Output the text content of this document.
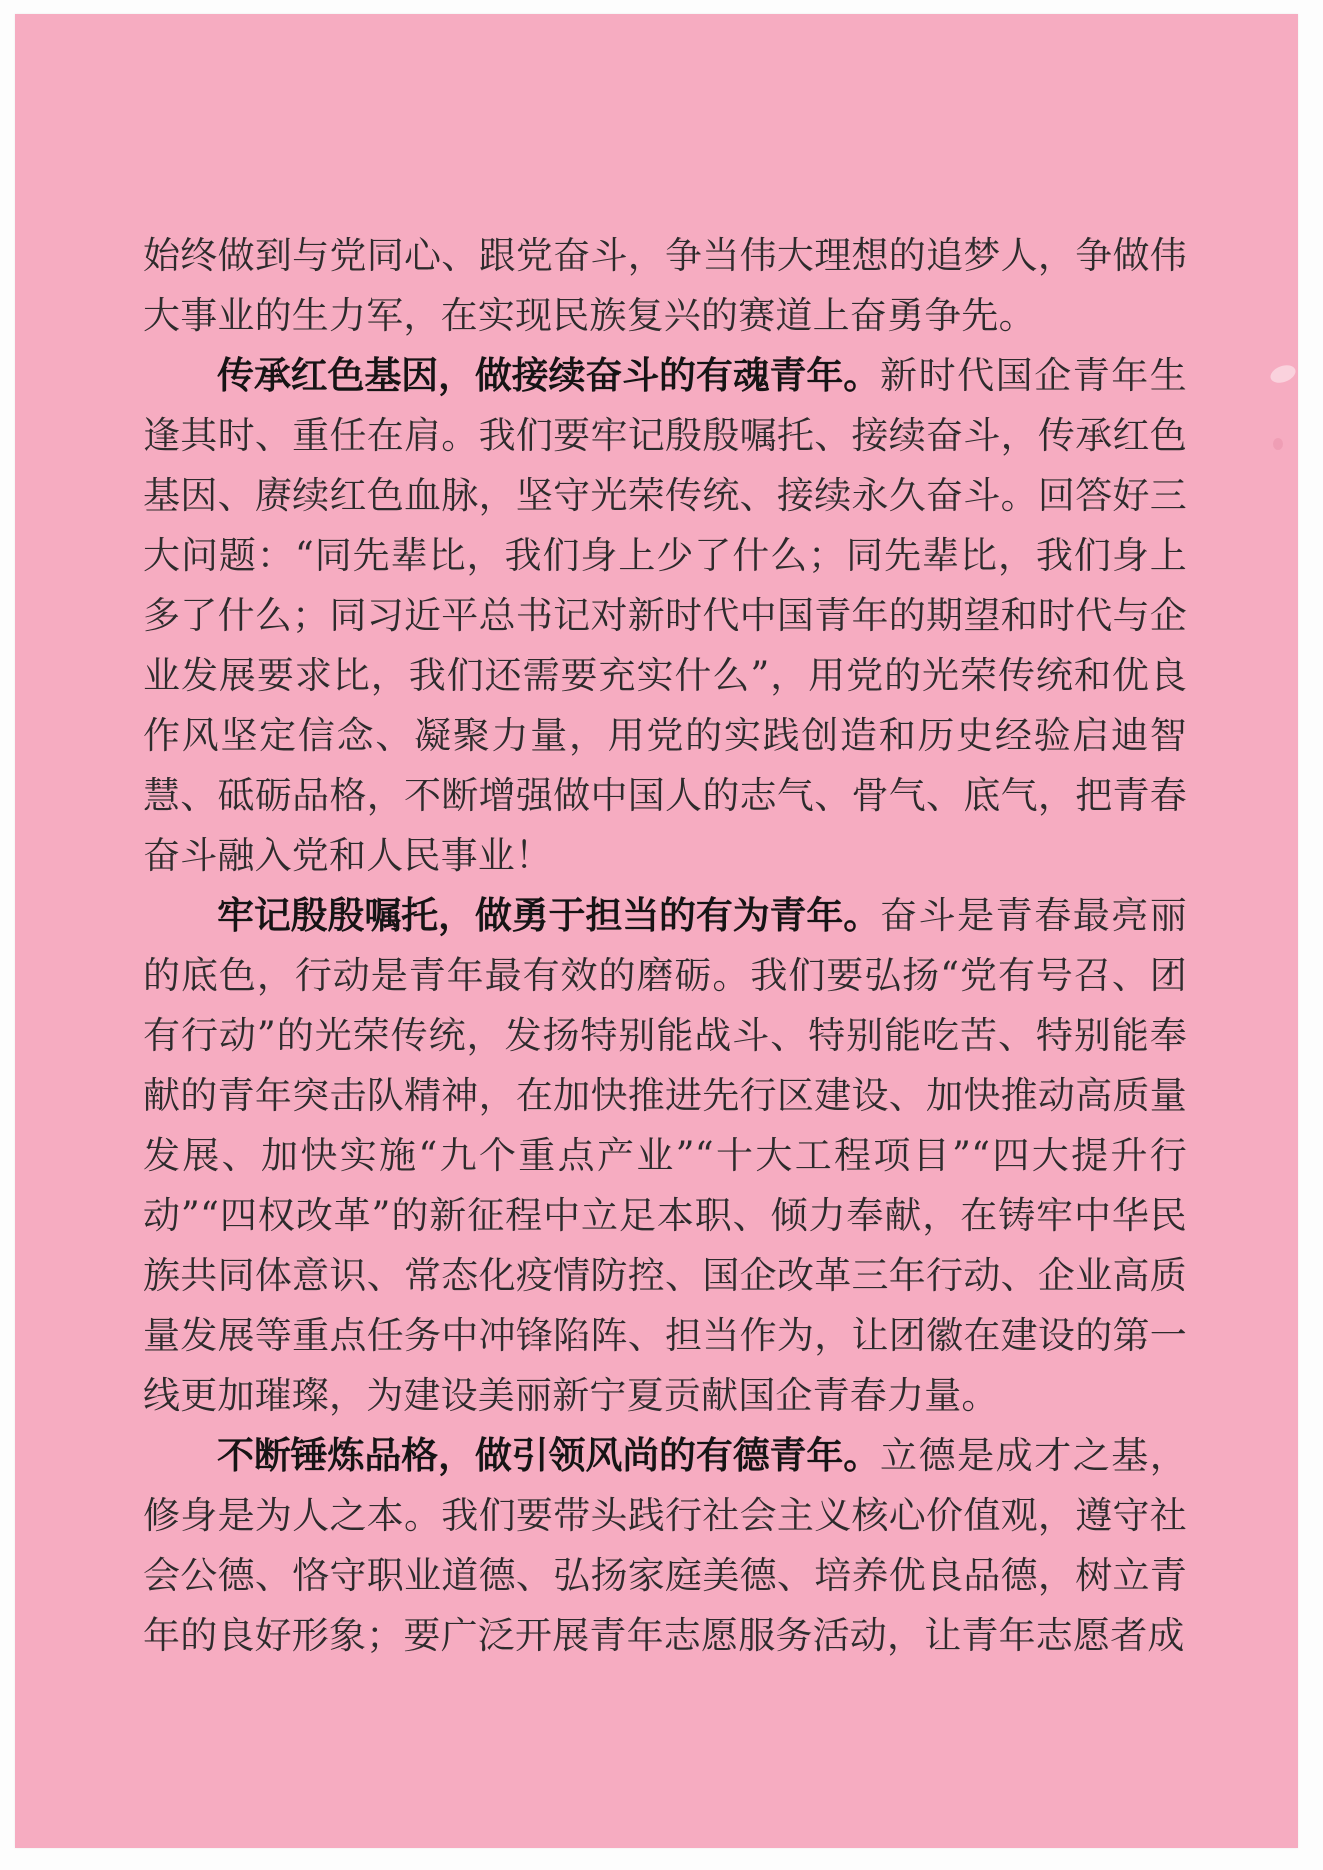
始终做到与党同心、跟党奋斗，争当伟大理想的追梦人，争做伟大事业的生力军，在实现民族复兴的赛道上奋勇争先。

传承红色基因，做接续奋斗的有魂青年。新时代国企青年生逢其时、重任在肩。我们要牢记殷殷嘱托、接续奋斗，传承红色基因、赓续红色血脉，坚守光荣传统、接续永久奋斗。回答好三大问题：“同先辈比，我们身上少了什么；同先辈比，我们身上多了什么；同习近平总书记对新时代中国青年的期望和时代与企业发展要求比，我们还需要充实什么”，用党的光荣传统和优良作风坚定信念、凝聚力量，用党的实践创造和历史经验启迪智慧、砥砺品格，不断增强做中国人的志气、骨气、底气，把青春奋斗融入党和人民事业！

牢记殷殷嘱托，做勇于担当的有为青年。奋斗是青春最亮丽的底色，行动是青年最有效的磨砺。我们要弘扬“党有号召、团有行动”的光荣传统，发扬特别能战斗、特别能吃苦、特别能奉献的青年突击队精神，在加快推进先行区建设、加快推动高质量发展、加快实施“九个重点产业”“十大工程项目”“四大提升行动”“四权改革”的新征程中立足本职、倾力奉献，在铸牢中华民族共同体意识、常态化疫情防控、国企改革三年行动、企业高质量发展等重点任务中冲锋陷阵、担当作为，让团徽在建设的第一线更加璀璨，为建设美丽新宁夏贡献国企青春力量。

不断锤炼品格，做引领风尚的有德青年。立德是成才之基，修身是为人之本。我们要带头践行社会主义核心价值观，遵守社会公德、恪守职业道德、弘扬家庭美德、培养优良品德，树立青年的良好形象；要广泛开展青年志愿服务活动，让青年志愿者成
